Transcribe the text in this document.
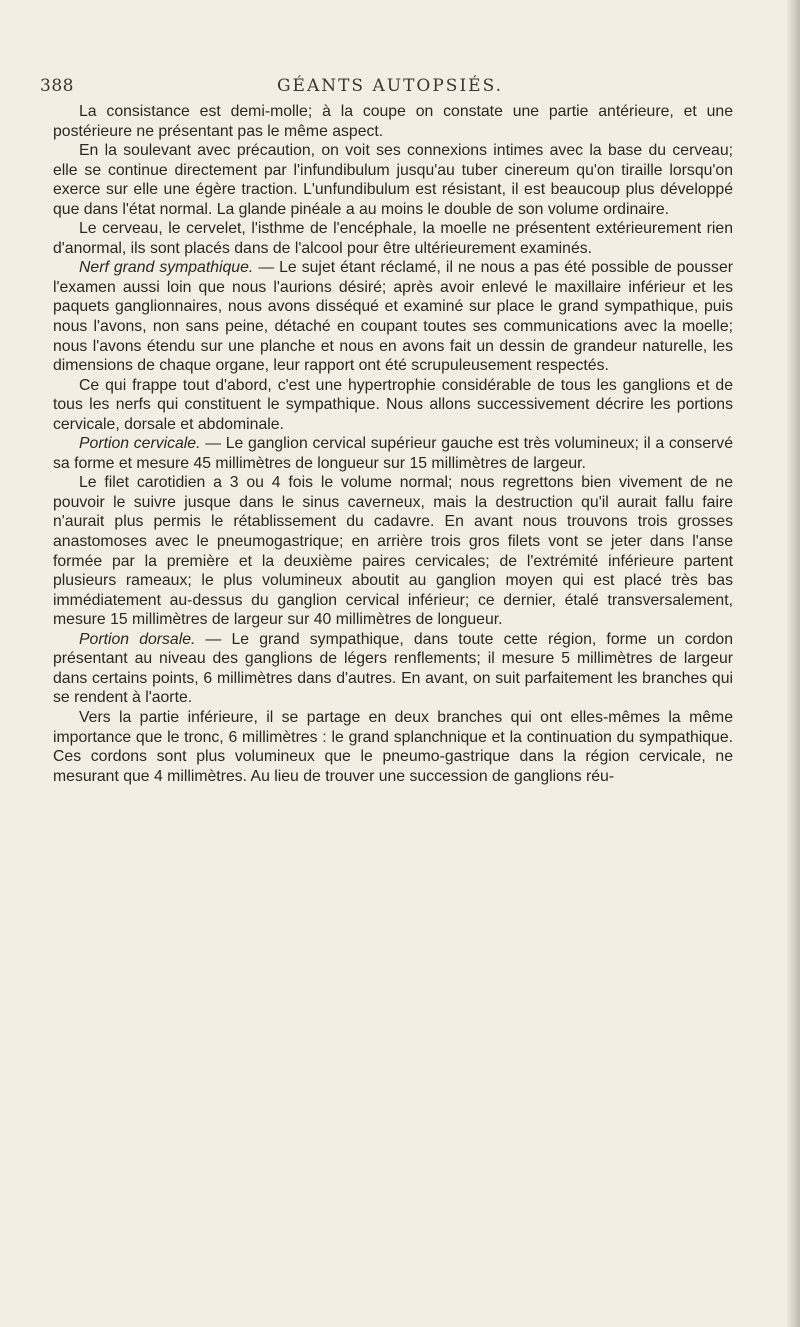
388	GÉANTS AUTOPSIÉS.

La consistance est demi-molle; à la coupe on constate une partie antérieure, et une postérieure ne présentant pas le même aspect.

En la soulevant avec précaution, on voit ses connexions intimes avec la base du cerveau; elle se continue directement par l'infundibulum jusqu'au tuber cinereum qu'on tiraille lorsqu'on exerce sur elle une égère traction. L'unfundibulum est résistant, il est beaucoup plus développé que dans l'état normal. La glande pinéale a au moins le double de son volume ordinaire.

Le cerveau, le cervelet, l'isthme de l'encéphale, la moelle ne présentent extérieurement rien d'anormal, ils sont placés dans de l'alcool pour être ultérieurement examinés.

Nerf grand sympathique. — Le sujet étant réclamé, il ne nous a pas été possible de pousser l'examen aussi loin que nous l'aurions désiré; après avoir enlevé le maxillaire inférieur et les paquets ganglionnaires, nous avons disséqué et examiné sur place le grand sympathique, puis nous l'avons, non sans peine, détaché en coupant toutes ses communications avec la moelle; nous l'avons étendu sur une planche et nous en avons fait un dessin de grandeur naturelle, les dimensions de chaque organe, leur rapport ont été scrupuleusement respectés.

Ce qui frappe tout d'abord, c'est une hypertrophie considérable de tous les ganglions et de tous les nerfs qui constituent le sympathique. Nous allons successivement décrire les portions cervicale, dorsale et abdominale.

Portion cervicale. — Le ganglion cervical supérieur gauche est très volumineux; il a conservé sa forme et mesure 45 millimètres de longueur sur 15 millimètres de largeur.

Le filet carotidien a 3 ou 4 fois le volume normal; nous regrettons bien vivement de ne pouvoir le suivre jusque dans le sinus caverneux, mais la destruction qu'il aurait fallu faire n'aurait plus permis le rétablissement du cadavre. En avant nous trouvons trois grosses anastomoses avec le pneumogastrique; en arrière trois gros filets vont se jeter dans l'anse formée par la première et la deuxième paires cervicales; de l'extrémité inférieure partent plusieurs rameaux; le plus volumineux aboutit au ganglion moyen qui est placé très bas immédiatement au-dessus du ganglion cervical inférieur; ce dernier, étalé transversalement, mesure 15 millimètres de largeur sur 40 millimètres de longueur.

Portion dorsale. — Le grand sympathique, dans toute cette région, forme un cordon présentant au niveau des ganglions de légers renflements; il mesure 5 millimètres de largeur dans certains points, 6 millimètres dans d'autres. En avant, on suit parfaitement les branches qui se rendent à l'aorte.

Vers la partie inférieure, il se partage en deux branches qui ont elles-mêmes la même importance que le tronc, 6 millimètres : le grand splanchnique et la continuation du sympathique. Ces cordons sont plus volumineux que le pneumo-gastrique dans la région cervicale, ne mesurant que 4 millimètres. Au lieu de trouver une succession de ganglions réu-
